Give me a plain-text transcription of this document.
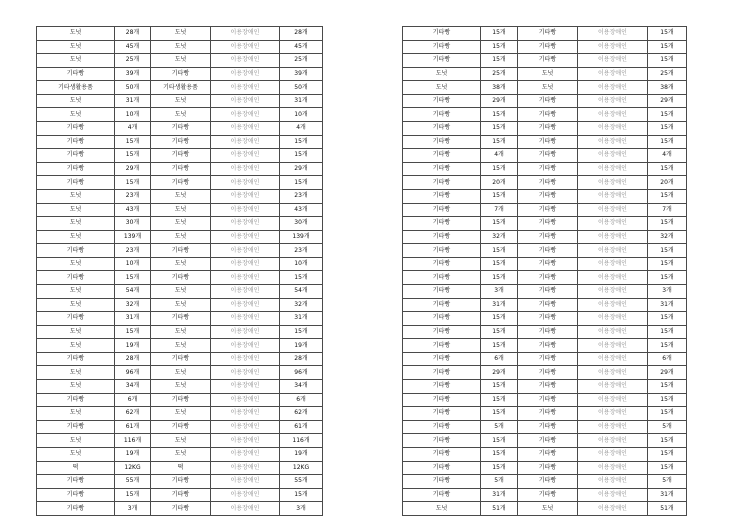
도넛	28개	도넛	이용장애인	28개
도넛	45개	도넛	이용장애인	45개
도넛	25개	도넛	이용장애인	25개
기타빵	39개	기타빵	이용장애인	39개
기타생활용품	50개	기타생활용품	이용장애인	50개
도넛	31개	도넛	이용장애인	31개
도넛	10개	도넛	이용장애인	10개
기타빵	4개	기타빵	이용장애인	4개
기타빵	15개	기타빵	이용장애인	15개
기타빵	15개	기타빵	이용장애인	15개
기타빵	29개	기타빵	이용장애인	29개
기타빵	15개	기타빵	이용장애인	15개
도넛	23개	도넛	이용장애인	23개
도넛	43개	도넛	이용장애인	43개
도넛	30개	도넛	이용장애인	30개
도넛	139개	도넛	이용장애인	139개
기타빵	23개	기타빵	이용장애인	23개
도넛	10개	도넛	이용장애인	10개
기타빵	15개	기타빵	이용장애인	15개
도넛	54개	도넛	이용장애인	54개
도넛	32개	도넛	이용장애인	32개
기타빵	31개	기타빵	이용장애인	31개
도넛	15개	도넛	이용장애인	15개
도넛	19개	도넛	이용장애인	19개
기타빵	28개	기타빵	이용장애인	28개
도넛	96개	도넛	이용장애인	96개
도넛	34개	도넛	이용장애인	34개
기타빵	6개	기타빵	이용장애인	6개
도넛	62개	도넛	이용장애인	62개
기타빵	61개	기타빵	이용장애인	61개
도넛	116개	도넛	이용장애인	116개
도넛	19개	도넛	이용장애인	19개
떡	12KG	떡	이용장애인	12KG
기타빵	55개	기타빵	이용장애인	55개
기타빵	15개	기타빵	이용장애인	15개
기타빵	3개	기타빵	이용장애인	3개
기타빵	15개	기타빵	이용장애인	15개
기타빵	15개	기타빵	이용장애인	15개
기타빵	15개	기타빵	이용장애인	15개
도넛	25개	도넛	이용장애인	25개
도넛	38개	도넛	이용장애인	38개
기타빵	29개	기타빵	이용장애인	29개
기타빵	15개	기타빵	이용장애인	15개
기타빵	15개	기타빵	이용장애인	15개
기타빵	15개	기타빵	이용장애인	15개
기타빵	4개	기타빵	이용장애인	4개
기타빵	15개	기타빵	이용장애인	15개
기타빵	20개	기타빵	이용장애인	20개
기타빵	15개	기타빵	이용장애인	15개
기타빵	7개	기타빵	이용장애인	7개
기타빵	15개	기타빵	이용장애인	15개
기타빵	32개	기타빵	이용장애인	32개
기타빵	15개	기타빵	이용장애인	15개
기타빵	15개	기타빵	이용장애인	15개
기타빵	15개	기타빵	이용장애인	15개
기타빵	3개	기타빵	이용장애인	3개
기타빵	31개	기타빵	이용장애인	31개
기타빵	15개	기타빵	이용장애인	15개
기타빵	15개	기타빵	이용장애인	15개
기타빵	15개	기타빵	이용장애인	15개
기타빵	6개	기타빵	이용장애인	6개
기타빵	29개	기타빵	이용장애인	29개
기타빵	15개	기타빵	이용장애인	15개
기타빵	15개	기타빵	이용장애인	15개
기타빵	15개	기타빵	이용장애인	15개
기타빵	5개	기타빵	이용장애인	5개
기타빵	15개	기타빵	이용장애인	15개
기타빵	15개	기타빵	이용장애인	15개
기타빵	15개	기타빵	이용장애인	15개
기타빵	5개	기타빵	이용장애인	5개
기타빵	31개	기타빵	이용장애인	31개
도넛	51개	도넛	이용장애인	51개
